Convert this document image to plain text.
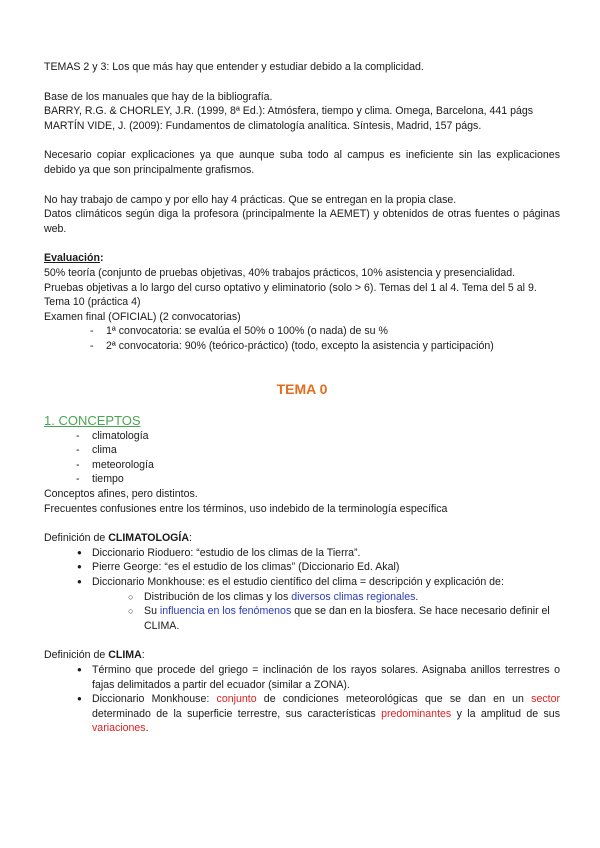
TEMAS 2 y 3: Los que más hay que entender y estudiar debido a la complicidad.

Base de los manuales que hay de la bibliografía.

BARRY, R.G. & CHORLEY, J.R. (1999, 8ª Ed.): Atmósfera, tiempo y clima. Omega, Barcelona, 441 págs

MARTÍN VIDE, J. (2009): Fundamentos de climatología analítica. Síntesis, Madrid, 157 págs.

Necesario copiar explicaciones ya que aunque suba todo al campus es ineficiente sin las explicaciones debido ya que son principalmente grafismos.

No hay trabajo de campo y por ello hay 4 prácticas. Que se entregan en la propia clase.

Datos climáticos según diga la profesora (principalmente la AEMET) y obtenidos de otras fuentes o páginas web.

Evaluación:

50% teoría (conjunto de pruebas objetivas, 40% trabajos prácticos, 10% asistencia y presencialidad.

Pruebas objetivas a lo largo del curso optativo y eliminatorio (solo > 6). Temas del 1 al 4. Tema del 5 al 9. Tema 10 (práctica 4)

Examen final (OFICIAL) (2 convocatorias)

- 1ª convocatoria: se evalúa el 50% o 100% (o nada) de su %
- 2ª convocatoria: 90% (teórico-práctico) (todo, excepto la asistencia y participación)

TEMA 0

1. CONCEPTOS

- climatología
- clima
- meteorología
- tiempo

Conceptos afines, pero distintos.

Frecuentes confusiones entre los términos, uso indebido de la terminología específica

Definición de CLIMATOLOGÍA:

● Diccionario Rioduero: “estudio de los climas de la Tierra”.
● Pierre George: “es el estudio de los climas” (Diccionario Ed. Akal)
● Diccionario Monkhouse: es el estudio científico del clima = descripción y explicación de:
○ Distribución de los climas y los diversos climas regionales.
○ Su influencia en los fenómenos que se dan en la biosfera. Se hace necesario definir el CLIMA.

Definición de CLIMA:

● Término que procede del griego = inclinación de los rayos solares. Asignaba anillos terrestres o fajas delimitados a partir del ecuador (similar a ZONA).
● Diccionario Monkhouse: conjunto de condiciones meteorológicas que se dan en un sector determinado de la superficie terrestre, sus características predominantes y la amplitud de sus variaciones.
